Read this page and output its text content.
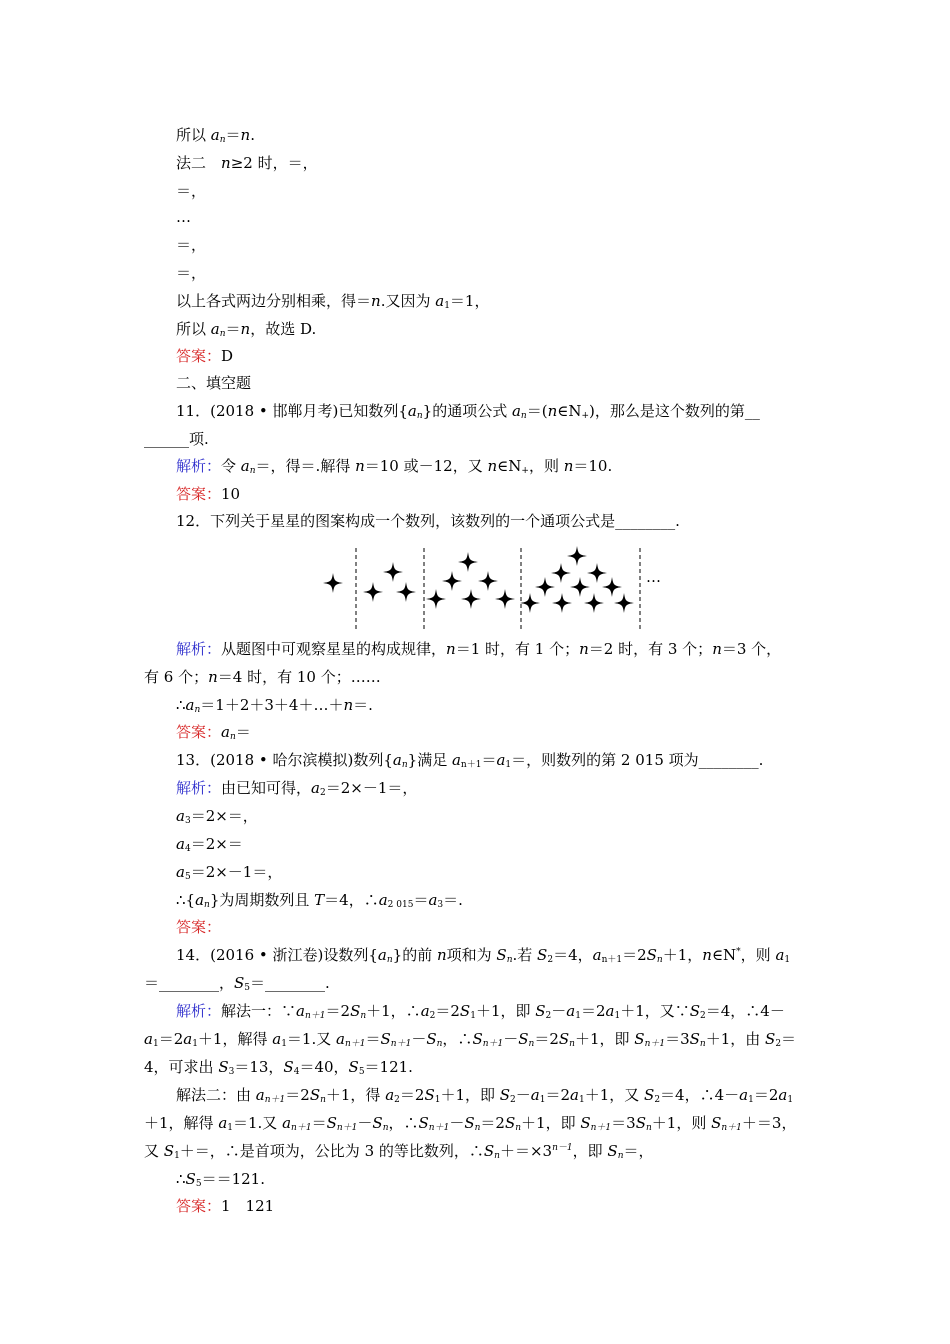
所以 $a_n=n$.
法二　n≥2 时，＝，
＝，
…
＝，
＝，
以上各式两边分别相乘，得＝n.又因为 $a_1=1$，
所以 $a_n=n$，故选 D.
答案：D
二、填空题
11．(2018 • 邯郸月考)已知数列$\{a_n\}$的通项公式 $a_n=(n\in N_+)$，那么是这个数列的第__
______项.
解析：令 $a_n=$，得＝.解得 n＝10 或－12，又 $n\in N_+$，则 n＝10.
答案：10
12．下列关于星星的图案构成一个数列，该数列的一个通项公式是________.
…
解析：从题图中可观察星星的构成规律，n＝1 时，有 1 个；n＝2 时，有 3 个；n＝3 个，
有 6 个；n＝4 时，有 10 个；……
$\therefore a_n=1+2+3+4+\dots+n=$.
答案：$a_n=$
13．(2018 • 哈尔滨模拟)数列$\{a_n\}$满足 $a_{n+1}=a_1=$，则数列的第 2 015 项为________.
解析：由已知可得，$a_2=2\times-1=$，
$a_3=2\times=$，
$a_4=2\times=$
$a_5=2\times-1=$，
$\therefore\{a_n\}$为周期数列且 T＝4，$\therefore a_{2 015}=a_3=$.
答案：
14．(2016 • 浙江卷)设数列$\{a_n\}$的前 n项和为 $S_n$.若 $S_2=4$，$a_{n+1}=2S_n+1$，n∈N*，则 $a_1$
＝________，$S_5=\_\_\_\_\_\_\_\_$.
解析：解法一：$\because a_{n+1}=2S_n+1$，$\therefore a_2=2S_1+1$，即 $S_2-a_1=2a_1+1$，又$\because S_2=4$，∴4－
$a_1=2a_1+1$，解得 $a_1=1$.又 $a_{n+1}=S_{n+1}-S_n$，$\therefore S_{n+1}-S_n=2S_n+1$，即 $S_{n+1}=3S_n+1$，由 $S_2=$
4，可求出 $S_3=13$，$S_4=40$，$S_5=121$.
解法二：由 $a_{n+1}=2S_n+1$，得 $a_2=2S_1+1$，即 $S_2-a_1=2a_1+1$，又 $S_2=4$，$\therefore 4-a_1=2a_1$
＋1，解得 $a_1=1$.又 $a_{n+1}=S_{n+1}-S_n$，$\therefore S_{n+1}-S_n=2S_n+1$，即 $S_{n+1}=3S_n+1$，则 $S_{n+1}+=3$，
又 $S_1+=$，∴是首项为，公比为 3 的等比数列，$\therefore S_n+=\times 3^{n-1}$，即 $S_n=$，
$\therefore S_5==121$.
答案：1　121
